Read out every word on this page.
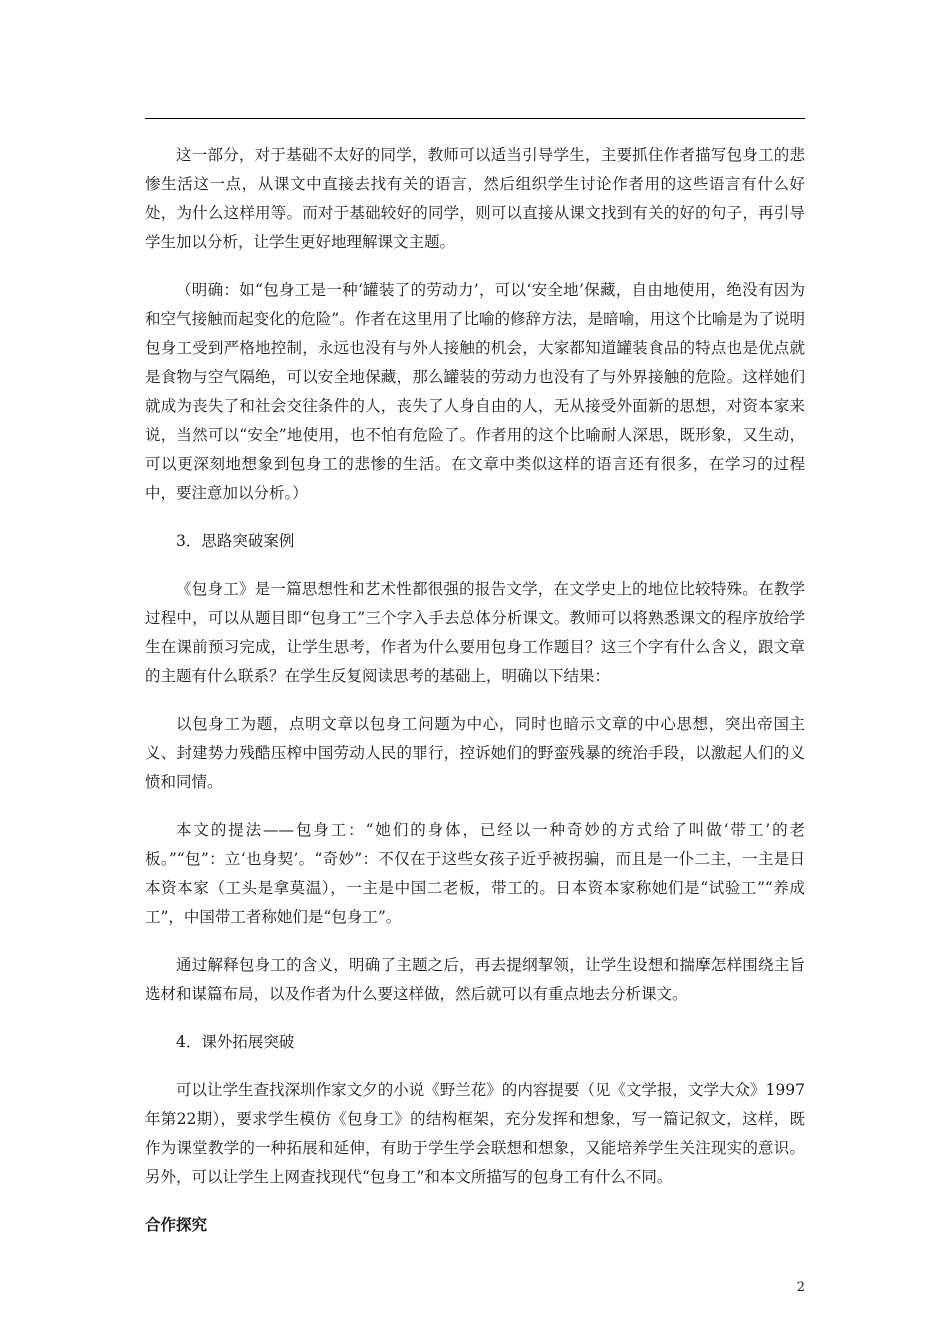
这一部分，对于基础不太好的同学，教师可以适当引导学生，主要抓住作者描写包身工的悲惨生活这一点，从课文中直接去找有关的语言，然后组织学生讨论作者用的这些语言有什么好处，为什么这样用等。而对于基础较好的同学，则可以直接从课文找到有关的好的句子，再引导学生加以分析，让学生更好地理解课文主题。

（明确：如“包身工是一种‘罐装了的劳动力’，可以‘安全地’保藏，自由地使用，绝没有因为和空气接触而起变化的危险”。作者在这里用了比喻的修辞方法，是暗喻，用这个比喻是为了说明包身工受到严格地控制，永远也没有与外人接触的机会，大家都知道罐装食品的特点也是优点就是食物与空气隔绝，可以安全地保藏，那么罐装的劳动力也没有了与外界接触的危险。这样她们就成为丧失了和社会交往条件的人，丧失了人身自由的人，无从接受外面新的思想，对资本家来说，当然可以“安全”地使用，也不怕有危险了。作者用的这个比喻耐人深思，既形象，又生动，可以更深刻地想象到包身工的悲惨的生活。在文章中类似这样的语言还有很多，在学习的过程中，要注意加以分析。）

3．思路突破案例

《包身工》是一篇思想性和艺术性都很强的报告文学，在文学史上的地位比较特殊。在教学过程中，可以从题目即“包身工”三个字入手去总体分析课文。教师可以将熟悉课文的程序放给学生在课前预习完成，让学生思考，作者为什么要用包身工作题目？这三个字有什么含义，跟文章的主题有什么联系？在学生反复阅读思考的基础上，明确以下结果：

以包身工为题，点明文章以包身工问题为中心，同时也暗示文章的中心思想，突出帝国主义、封建势力残酷压榨中国劳动人民的罪行，控诉她们的野蛮残暴的统治手段，以激起人们的义愤和同情。

本文的提法——包身工：“她们的身体，已经以一种奇妙的方式给了叫做‘带工’的老板。”“包”：立‘也身契’。“奇妙”：不仅在于这些女孩子近乎被拐骗，而且是一仆二主，一主是日本资本家（工头是拿莫温），一主是中国二老板，带工的。日本资本家称她们是“试验工”“养成工”，中国带工者称她们是“包身工”。

通过解释包身工的含义，明确了主题之后，再去提纲挈领，让学生设想和揣摩怎样围绕主旨选材和谋篇布局，以及作者为什么要这样做，然后就可以有重点地去分析课文。

4．课外拓展突破

可以让学生查找深圳作家文夕的小说《野兰花》的内容提要（见《文学报，文学大众》1997年第22期），要求学生模仿《包身工》的结构框架，充分发挥和想象，写一篇记叙文，这样，既作为课堂教学的一种拓展和延伸，有助于学生学会联想和想象，又能培养学生关注现实的意识。另外，可以让学生上网查找现代“包身工”和本文所描写的包身工有什么不同。

合作探究

2
